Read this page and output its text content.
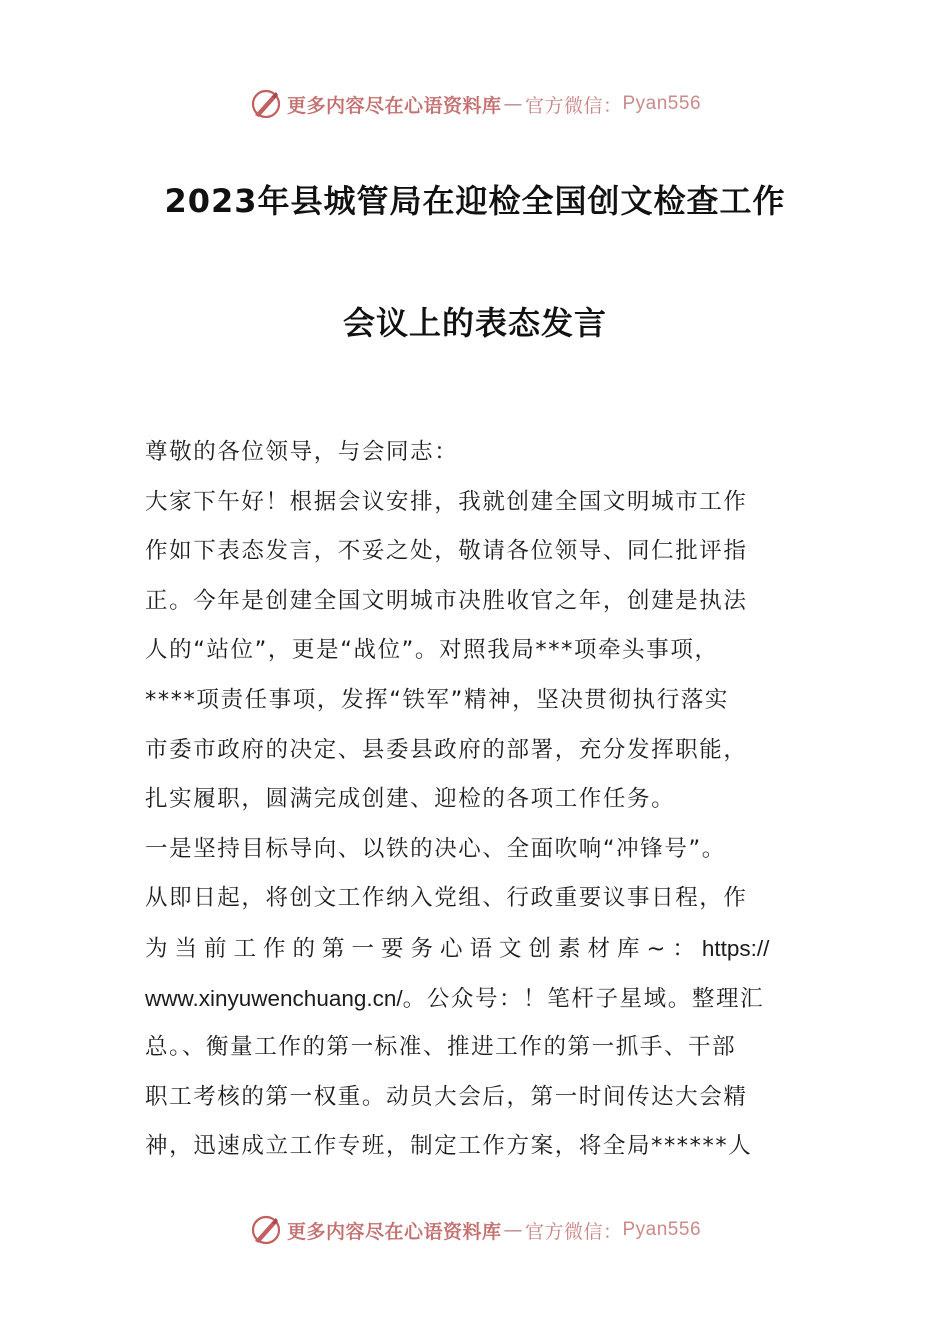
更多内容尽在心语资料库 — 官方微信： Pyan556
2023年县城管局在迎检全国创文检查工作
会议上的表态发言
尊敬的各位领导，与会同志：
大家下午好！根据会议安排，我就创建全国文明城市工作
作如下表态发言，不妥之处，敬请各位领导、同仁批评指
正。今年是创建全国文明城市决胜收官之年，创建是执法
人的“站位”，更是“战位”。对照我局***项牵头事项，
****项责任事项，发挥“铁军”精神，坚决贯彻执行落实
市委市政府的决定、县委县政府的部署，充分发挥职能，
扎实履职，圆满完成创建、迎检的各项工作任务。
一是坚持目标导向、以铁的决心、全面吹响“冲锋号”。
从即日起，将创文工作纳入党组、行政重要议事日程，作
为当前工作的第一要务心语文创素材库~：https://
www.xinyuwenchuang.cn/。公众号：！笔杆子星域。整理汇
总。、衡量工作的第一标准、推进工作的第一抓手、干部
职工考核的第一权重。动员大会后，第一时间传达大会精
神，迅速成立工作专班，制定工作方案，将全局******人
更多内容尽在心语资料库 — 官方微信： Pyan556
